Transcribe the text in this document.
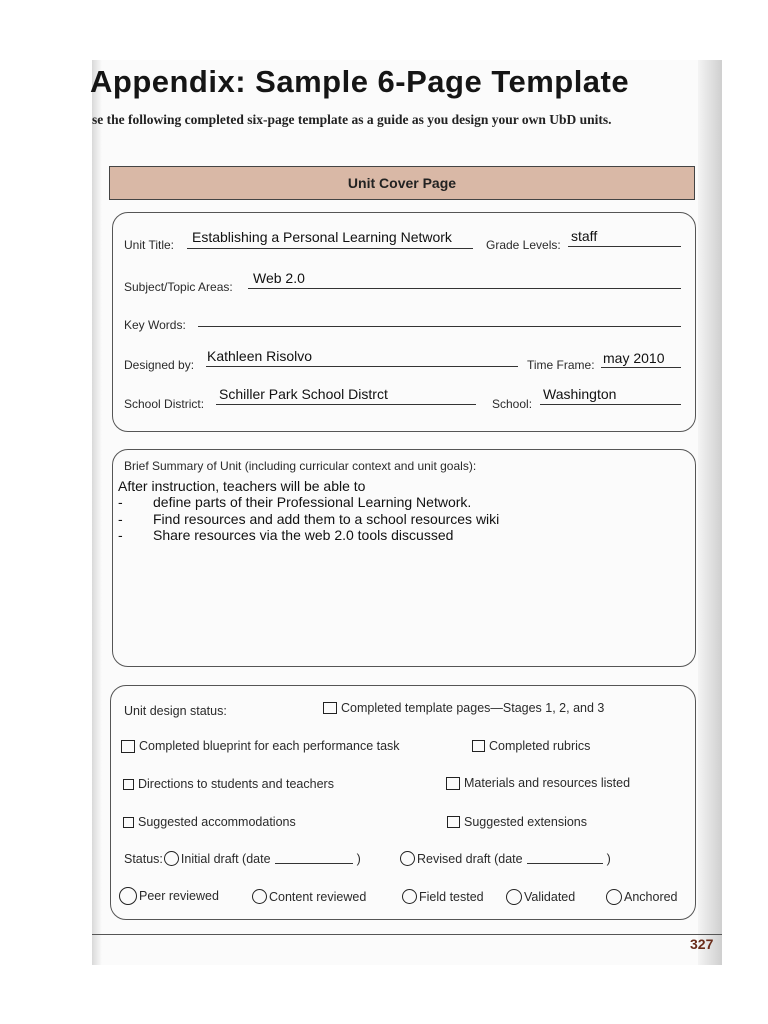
Appendix: Sample 6-Page Template
se the following completed six-page template as a guide as you design your own UbD units.
Unit Cover Page
Unit Title: Establishing a Personal Learning Network	Grade Levels:
staff
Subject/Topic Areas:
Web 2.0
Key Words:
Designed by:
Kathleen Risolvo
Time Frame: may 2010
School District:
Schiller Park School Distrct
School:
Washington
Brief Summary of Unit (including curricular context and unit goals):
After instruction, teachers will be able to
- define parts of their Professional Learning Network.
- Find resources and add them to a school resources wiki
- Share resources via the web 2.0 tools discussed
Unit design status:	Completed template pages—Stages 1, 2, and 3
Completed blueprint for each performance task	Completed rubrics
Directions to students and teachers	Materials and resources listed
Suggested accommodations	Suggested extensions
Status: Initial draft (date	)	Revised draft (date	)
Peer reviewed	Content reviewed	Field tested	Validated	Anchored
327
